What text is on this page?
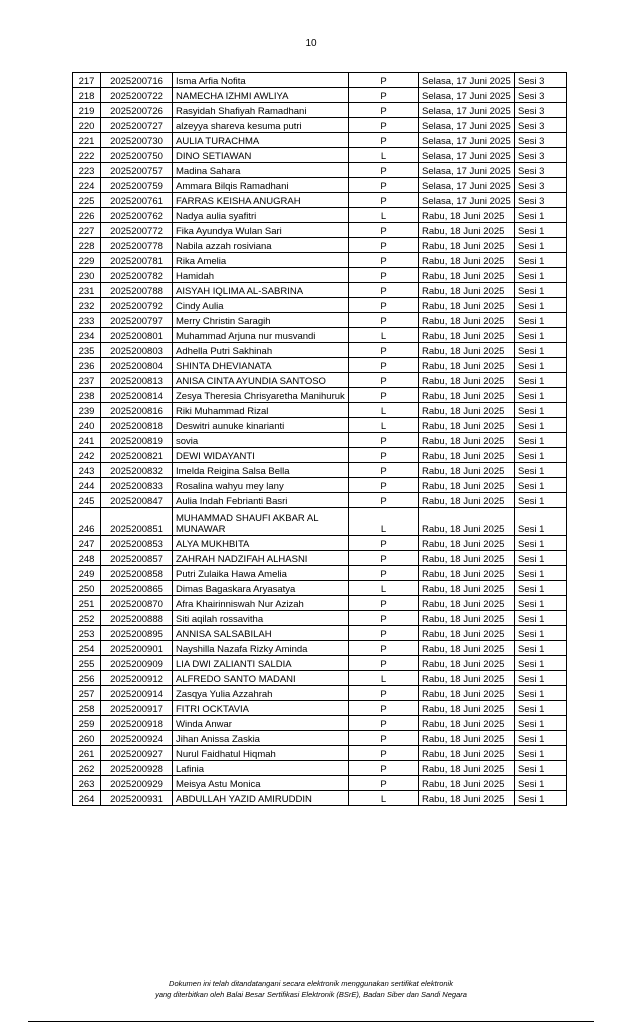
10
217	2025200716	Isma Arfia Nofita	P	Selasa, 17 Juni 2025	Sesi 3
218	2025200722	NAMECHA IZHMI AWLIYA	P	Selasa, 17 Juni 2025	Sesi 3
219	2025200726	Rasyidah Shafiyah Ramadhani	P	Selasa, 17 Juni 2025	Sesi 3
220	2025200727	alzeyya shareva kesuma putri	P	Selasa, 17 Juni 2025	Sesi 3
221	2025200730	AULIA TURACHMA	P	Selasa, 17 Juni 2025	Sesi 3
222	2025200750	DINO SETIAWAN	L	Selasa, 17 Juni 2025	Sesi 3
223	2025200757	Madina Sahara	P	Selasa, 17 Juni 2025	Sesi 3
224	2025200759	Ammara Bilqis Ramadhani	P	Selasa, 17 Juni 2025	Sesi 3
225	2025200761	FARRAS KEISHA ANUGRAH	P	Selasa, 17 Juni 2025	Sesi 3
226	2025200762	Nadya aulia syafitri	L	Rabu, 18 Juni 2025	Sesi 1
227	2025200772	Fika Ayundya Wulan Sari	P	Rabu, 18 Juni 2025	Sesi 1
228	2025200778	Nabila azzah rosiviana	P	Rabu, 18 Juni 2025	Sesi 1
229	2025200781	Rika Amelia	P	Rabu, 18 Juni 2025	Sesi 1
230	2025200782	Hamidah	P	Rabu, 18 Juni 2025	Sesi 1
231	2025200788	AISYAH IQLIMA AL-SABRINA	P	Rabu, 18 Juni 2025	Sesi 1
232	2025200792	Cindy Aulia	P	Rabu, 18 Juni 2025	Sesi 1
233	2025200797	Merry Christin Saragih	P	Rabu, 18 Juni 2025	Sesi 1
234	2025200801	Muhammad Arjuna nur musvandi	L	Rabu, 18 Juni 2025	Sesi 1
235	2025200803	Adhella Putri Sakhinah	P	Rabu, 18 Juni 2025	Sesi 1
236	2025200804	SHINTA DHEVIANATA	P	Rabu, 18 Juni 2025	Sesi 1
237	2025200813	ANISA CINTA AYUNDIA SANTOSO	P	Rabu, 18 Juni 2025	Sesi 1
238	2025200814	Zesya Theresia Chrisyaretha Manihuruk	P	Rabu, 18 Juni 2025	Sesi 1
239	2025200816	Riki Muhammad Rizal	L	Rabu, 18 Juni 2025	Sesi 1
240	2025200818	Deswitri aunuke kinarianti	L	Rabu, 18 Juni 2025	Sesi 1
241	2025200819	sovia	P	Rabu, 18 Juni 2025	Sesi 1
242	2025200821	DEWI WIDAYANTI	P	Rabu, 18 Juni 2025	Sesi 1
243	2025200832	Imelda Reigina Salsa Bella	P	Rabu, 18 Juni 2025	Sesi 1
244	2025200833	Rosalina wahyu mey lany	P	Rabu, 18 Juni 2025	Sesi 1
245	2025200847	Aulia Indah Febrianti Basri	P	Rabu, 18 Juni 2025	Sesi 1
246	2025200851	MUHAMMAD SHAUFI AKBAR AL MUNAWAR	L	Rabu, 18 Juni 2025	Sesi 1
247	2025200853	ALYA MUKHBITA	P	Rabu, 18 Juni 2025	Sesi 1
248	2025200857	ZAHRAH NADZIFAH ALHASNI	P	Rabu, 18 Juni 2025	Sesi 1
249	2025200858	Putri Zulaika Hawa Amelia	P	Rabu, 18 Juni 2025	Sesi 1
250	2025200865	Dimas Bagaskara Aryasatya	L	Rabu, 18 Juni 2025	Sesi 1
251	2025200870	Afra Khairinniswah Nur Azizah	P	Rabu, 18 Juni 2025	Sesi 1
252	2025200888	Siti aqilah rossavitha	P	Rabu, 18 Juni 2025	Sesi 1
253	2025200895	ANNISA SALSABILAH	P	Rabu, 18 Juni 2025	Sesi 1
254	2025200901	Nayshilla Nazafa Rizky Aminda	P	Rabu, 18 Juni 2025	Sesi 1
255	2025200909	LIA DWI ZALIANTI SALDIA	P	Rabu, 18 Juni 2025	Sesi 1
256	2025200912	ALFREDO SANTO MADANI	L	Rabu, 18 Juni 2025	Sesi 1
257	2025200914	Zasqya Yulia Azzahrah	P	Rabu, 18 Juni 2025	Sesi 1
258	2025200917	FITRI OCKTAVIA	P	Rabu, 18 Juni 2025	Sesi 1
259	2025200918	Winda Anwar	P	Rabu, 18 Juni 2025	Sesi 1
260	2025200924	Jihan Anissa Zaskia	P	Rabu, 18 Juni 2025	Sesi 1
261	2025200927	Nurul Faidhatul Hiqmah	P	Rabu, 18 Juni 2025	Sesi 1
262	2025200928	Lafinia	P	Rabu, 18 Juni 2025	Sesi 1
263	2025200929	Meisya Astu Monica	P	Rabu, 18 Juni 2025	Sesi 1
264	2025200931	ABDULLAH YAZID AMIRUDDIN	L	Rabu, 18 Juni 2025	Sesi 1
Dokumen ini telah ditandatangani secara elektronik menggunakan sertifikat elektronik
yang diterbitkan oleh Balai Besar Sertifikasi Elektronik (BSrE), Badan Siber dan Sandi Negara
